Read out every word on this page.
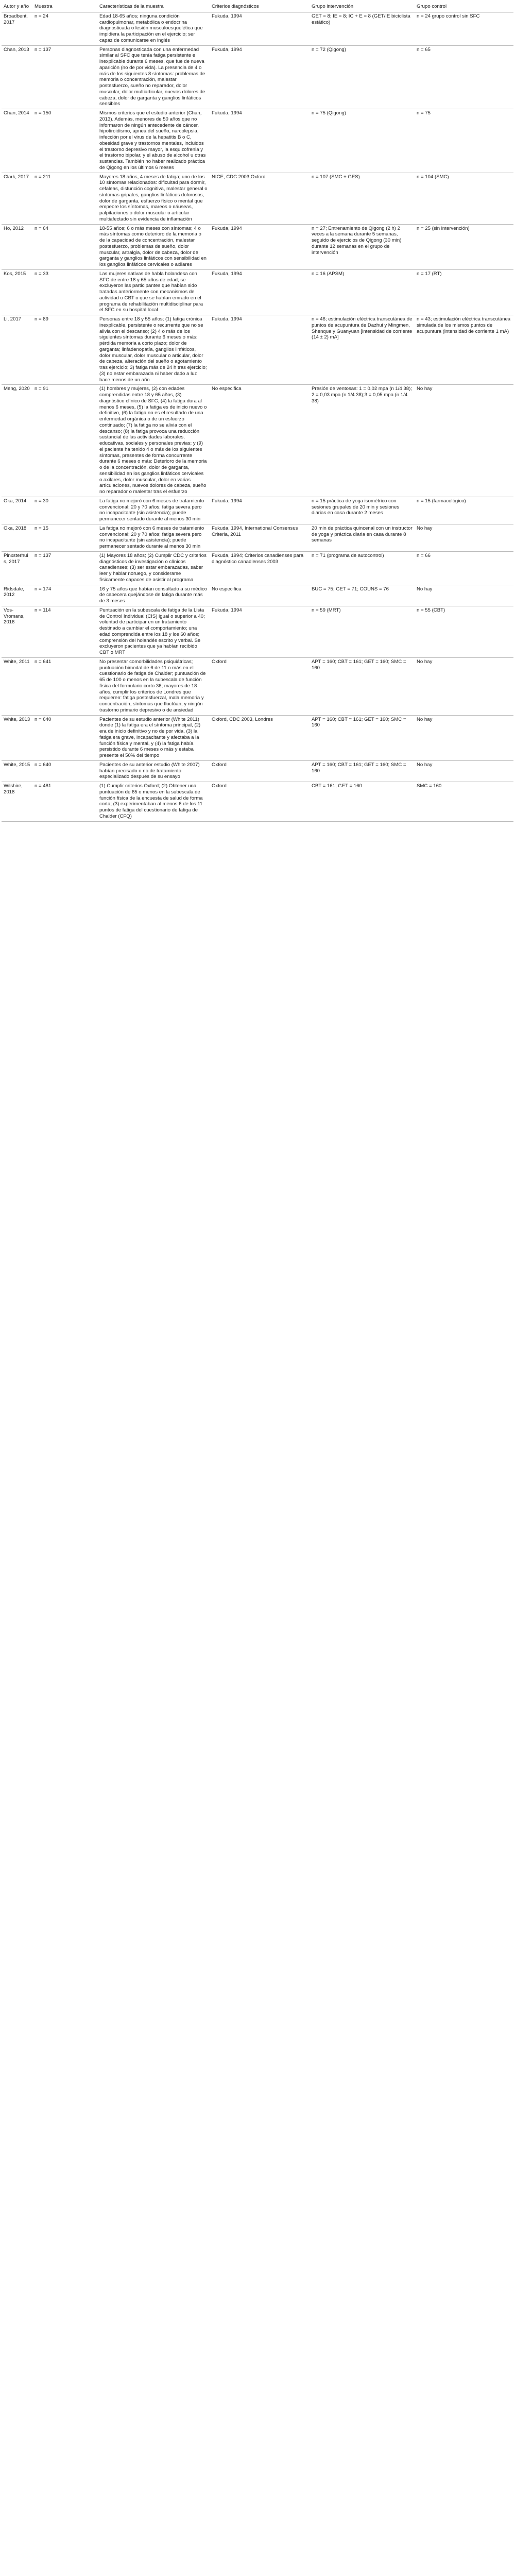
Autor y año	Muestra	Características de la muestra	Criterios diagnósticos	Grupo intervención	Grupo control
Broadbent, 2017	n = 24	Edad 18-65 años; ninguna condición cardiopulmonar, metabólica o endocrina diagnosticada o lesión musculoesquelética que impidiera la participación en el ejercicio; ser capaz de comunicarse en inglés	Fukuda, 1994	GET = 8; IE = 8; IC + E = 8 (GET/IE bicíclista estático)	n = 24 grupo control sin SFC
Chan, 2013	n = 137	Personas diagnosticada con una enfermedad similar al SFC que tenía fatiga persistente e inexplicable durante 6 meses, que fue de nueva aparición (no de por vida). La presencia de 4 o más de los siguientes 8 síntomas: problemas de memoria o concentración, malestar postesfuerzo, sueño no reparador, dolor muscular, dolor multiarticular, nuevos dolores de cabeza, dolor de garganta y ganglios linfáticos sensibles	Fukuda, 1994	n = 72 (Qigong)	n = 65
Chan, 2014	n = 150	Mismos criterios que el estudio anterior (Chan, 2013). Además, menores de 50 años que no informaron de ningún antecedente de cáncer, hipotiroidismo, apnea del sueño, narcolepsia, infección por el virus de la hepatitis B o C, obesidad grave y trastornos mentales, incluidos el trastorno depresivo mayor, la esquizofrenia y el trastorno bipolar, y el abuso de alcohol u otras sustancias. También no haber realizado práctica de Qigong en los últimos 6 meses	Fukuda, 1994	n = 75 (Qigong)	n = 75
Clark, 2017	n = 211	Mayores 18 años, 4 meses de fatiga; uno de los 10 síntomas relacionados: dificultad para dormir, cefaleas, disfunción cognitiva, malestar general o síntomas gripales, ganglios linfáticos dolorosos, dolor de garganta, esfuerzo físico o mental que empeore los síntomas, mareos o náuseas, palpitaciones o dolor muscular o articular multiafectado sin evidencia de inflamación	NICE, CDC 2003;Oxford	n = 107 (SMC + GES)	n = 104 (SMC)
Ho, 2012	n = 64	18-55 años; 6 o más meses con síntomas; 4 o más síntomas como deterioro de la memoria o de la capacidad de concentración, malestar postesfuerzo, problemas de sueño, dolor muscular, artralgia, dolor de cabeza, dolor de garganta y ganglios linfáticos con sensibilidad en los ganglios linfáticos cervicales o axilares	Fukuda, 1994	n = 27; Entrenamiento de Qigong (2 h) 2 veces a la semana durante 5 semanas, seguido de ejercicios de Qigong (30 min) durante 12 semanas en el grupo de intervención	n = 25 (sin intervención)
Kos, 2015	n = 33	Las mujeres nativas de habla holandesa con SFC de entre 18 y 65 años de edad; se excluyeron las participantes que habían sido tratadas anteriormente con mecanismos de actividad o CBT o que se habían emrado en el programa de rehabilitación multidisciplinar para el SFC en su hospital local	Fukuda, 1994	n = 16 (APSM)	n = 17 (RT)
Li, 2017	n = 89	Personas entre 18 y 55 años; (1) fatiga crónica inexplicable, persistente o recurrente que no se alivia con el descanso; (2) 4 o más de los siguientes síntomas durante 6 meses o más: pérdida memoria a corto plazo; dolor de garganta; linfadenopatía, ganglios linfáticos, dolor muscular, dolor muscular o articular, dolor de cabeza, alteración del sueño o agotamiento tras ejercicio; 3) fatiga más de 24 h tras ejercicio; (3) no estar embarazada ni haber dado a luz hace menos de un año	Fukuda, 1994	n = 46; estimulación eléctrica transcutánea de puntos de acupuntura de Dazhui y Mingmen, Shenque y Guanyuan [intensidad de corriente (14 ± 2) mA]	n = 43; estimulación eléctrica transcutánea simulada de los mismos puntos de acupuntura (intensidad de corriente 1 mA)
Meng, 2020	n = 91	(1) hombres y mujeres, (2) con edades comprendidas entre 18 y 65 años, (3) diagnóstico clínico de SFC, (4) la fatiga dura al menos 6 meses, (5) la fatiga es de inicio nuevo o definitivo, (6) la fatiga no es el resultado de una enfermedad orgánica o de un esfuerzo continuado; (7) la fatiga no se alivia con el descanso; (8) la fatiga provoca una reducción sustancial de las actividades laborales, educativas, sociales y personales previas; y (9) el paciente ha tenido 4 o más de los siguientes síntomas, presentes de forma concurrente durante 6 meses o más: Deterioro de la memoria o de la concentración, dolor de garganta, sensibilidad en los ganglios linfáticos cervicales o axilares, dolor muscular, dolor en varias articulaciones, nuevos dolores de cabeza, sueño no reparador o malestar tras el esfuerzo	No especifica	Presión de ventosas: 1 = 0,02 mpa (n 1/4 38); 2 = 0,03 mpa (n 1/4 38);3 = 0,05 mpa (n 1/4 38)	No hay
Oka, 2014	n = 30	La fatiga no mejoró con 6 meses de tratamiento convencional; 20 y 70 años; fatiga severa pero no incapacitante (sin asistencia); puede permanecer sentado durante al menos 30 min	Fukuda, 1994	n = 15 práctica de yoga isométrico con sesiones grupales de 20 min y sesiones diarias en casa durante 2 meses	n = 15 (farmacológico)
Oka, 2018	n = 15	La fatiga no mejoró con 6 meses de tratamiento convencional; 20 y 70 años; fatiga severa pero no incapacitante (sin asistencia); puede permanecer sentado durante al menos 30 min	Fukuda, 1994, International Consensus Criteria, 2011	20 min de práctica quincenal con un instructor de yoga y práctica diaria en casa durante 8 semanas	No hay
Pinxsterhuis, 2017	n = 137	(1) Mayores 18 años; (2) Cumplir CDC y criterios diagnósticos de investigación o clínicos canadienses; (3) ser estar embarazadas, saber leer y hablar noruego, y considerarse físicamente capaces de asistir al programa	Fukuda, 1994; Criterios canadienses para diagnóstico canadienses 2003	n = 71 (programa de autocontrol)	n = 66
Ridsdale, 2012	n = 174	16 y 75 años que habían consultado a su médico de cabecera quejándose de fatiga durante más de 3 meses	No especifica	BUC = 75; GET = 71; COUNS = 76	No hay
Vos-Vromans, 2016	n = 114	Puntuación en la subescala de fatiga de la Lista de Control Individual (CIS) igual o superior a 40; voluntad de participar en un tratamiento destinado a cambiar el comportamiento; una edad comprendida entre los 18 y los 60 años; comprensión del holandés escrito y verbal. Se excluyeron pacientes que ya habían recibido CBT o MRT	Fukuda, 1994	n = 59 (MRT)	n = 55 (CBT)
White, 2011	n = 641	No presentar comorbilidades psiquiátricas; puntuación bimodal de 6 de 11 o más en el cuestionario de fatiga de Chalder; puntuación de 65 de 100 o menos en la subescala de función física del formulario corto 36; mayores de 18 años, cumplir los criterios de Londres que requieren: fatiga postesfuerzal, mala memoria y concentración, síntomas que fluctúan, y ningún trastorno primario depresivo o de ansiedad	Oxford	APT = 160; CBT = 161; GET = 160; SMC = 160	No hay
White, 2013	n = 640	Pacientes de su estudio anterior (White 2011) donde (1) la fatiga era el síntoma principal, (2) era de inicio definitivo y no de por vida, (3) la fatiga era grave, incapacitante y afectaba a la función física y mental, y (4) la fatiga había persistido durante 6 meses o más y estaba presente el 50% del tiempo	Oxford, CDC 2003, Londres	APT = 160; CBT = 161; GET = 160; SMC = 160	No hay
White, 2015	n = 640	Pacientes de su anterior estudio (White 2007) habían precisado o no de tratamiento especializado después de su ensayo	Oxford	APT = 160; CBT = 161; GET = 160; SMC = 160	No hay
Wilshire, 2018	n = 481	(1) Cumplir criterios Oxford; (2) Obtener una puntuación de 65 o menos en la subescala de función física de la encuesta de salud de forma corta; (3) experimentaban al menos 6 de los 11 puntos de fatiga del cuestionario de fatiga de Chalder (CFQ)	Oxford	CBT = 161; GET = 160	SMC = 160
